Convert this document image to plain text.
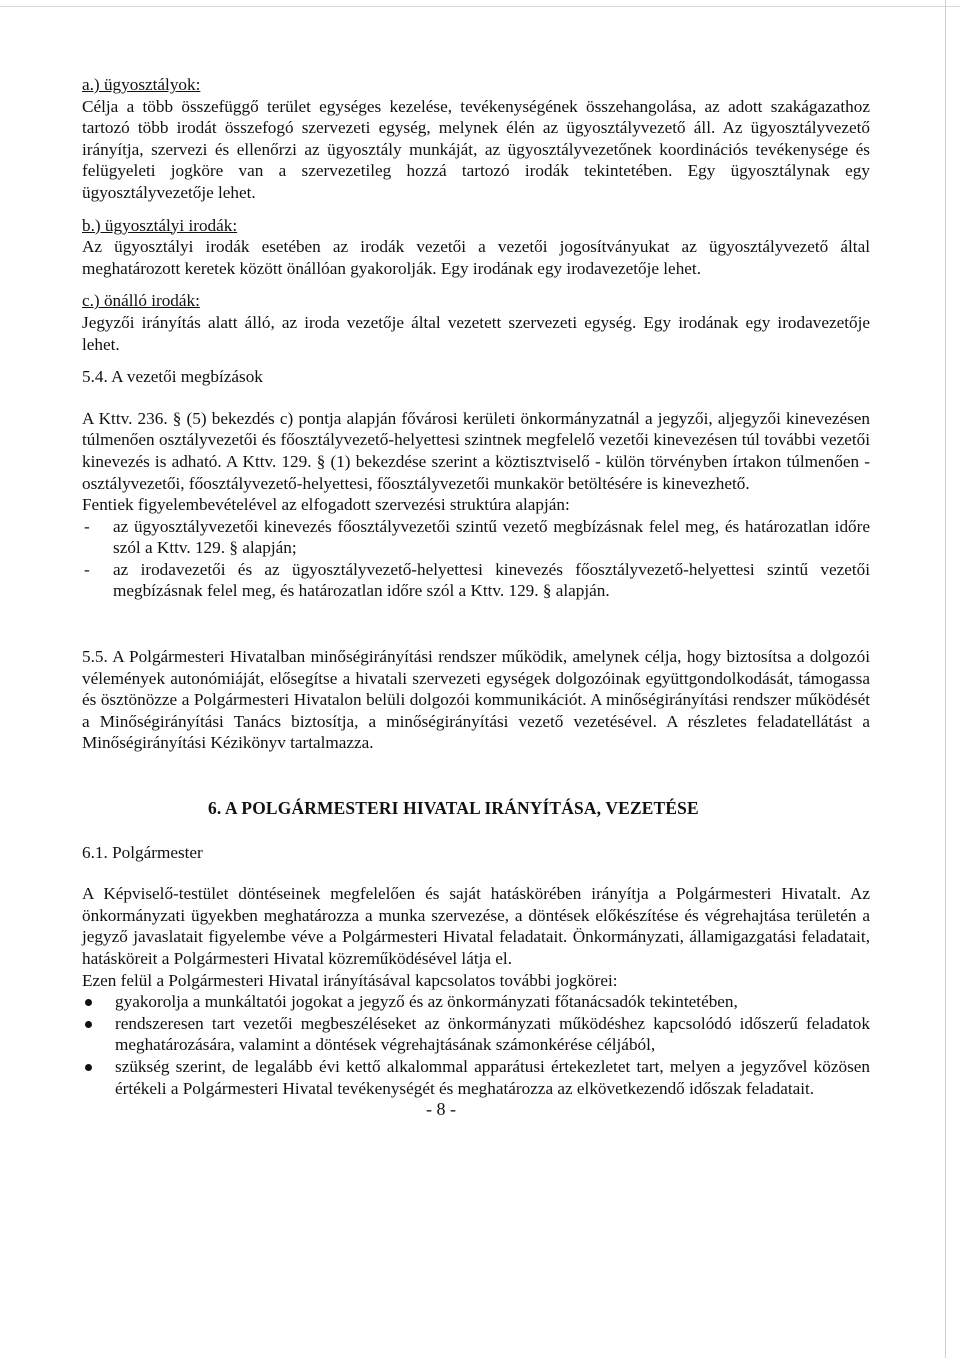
a.) ügyosztályok:

Célja a több összefüggő terület egységes kezelése, tevékenységének összehangolása, az adott szakágazathoz tartozó több irodát összefogó szervezeti egység, melynek élén az ügyosztályvezető áll. Az ügyosztályvezető irányítja, szervezi és ellenőrzi az ügyosztály munkáját, az ügyosztályvezetőnek koordinációs tevékenysége és felügyeleti jogköre van a szervezetileg hozzá tartozó irodák tekintetében. Egy ügyosztálynak egy ügyosztályvezetője lehet.

b.) ügyosztályi irodák:

Az ügyosztályi irodák esetében az irodák vezetői a vezetői jogosítványukat az ügyosztályvezető által meghatározott keretek között önállóan gyakorolják. Egy irodának egy irodavezetője lehet.

c.) önálló irodák:

Jegyzői irányítás alatt álló, az iroda vezetője által vezetett szervezeti egység. Egy irodának egy irodavezetője lehet.

5.4. A vezetői megbízások

A Kttv. 236. § (5) bekezdés c) pontja alapján fővárosi kerületi önkormányzatnál a jegyzői, aljegyzői kinevezésen túlmenően osztályvezetői és főosztályvezető-helyettesi szintnek megfelelő vezetői kinevezésen túl további vezetői kinevezés is adható. A Kttv. 129. § (1) bekezdése szerint a köztisztviselő - külön törvényben írtakon túlmenően - osztályvezetői, főosztályvezető-helyettesi, főosztályvezetői munkakör betöltésére is kinevezhető.

Fentiek figyelembevételével az elfogadott szervezési struktúra alapján:

- az ügyosztályvezetői kinevezés főosztályvezetői szintű vezető megbízásnak felel meg, és határozatlan időre szól a Kttv. 129. § alapján;
- az irodavezetői és az ügyosztályvezető-helyettesi kinevezés főosztályvezető-helyettesi szintű vezetői megbízásnak felel meg, és határozatlan időre szól a Kttv. 129. § alapján.

5.5. A Polgármesteri Hivatalban minőségirányítási rendszer működik, amelynek célja, hogy biztosítsa a dolgozói vélemények autonómiáját, elősegítse a hivatali szervezeti egységek dolgozóinak együttgondolkodását, támogassa és ösztönözze a Polgármesteri Hivatalon belüli dolgozói kommunikációt. A minőségirányítási rendszer működését a Minőségirányítási Tanács biztosítja, a minőségirányítási vezető vezetésével. A részletes feladatellátást a Minőségirányítási Kézikönyv tartalmazza.

6. A POLGÁRMESTERI HIVATAL IRÁNYÍTÁSA, VEZETÉSE

6.1. Polgármester

A Képviselő-testület döntéseinek megfelelően és saját hatáskörében irányítja a Polgármesteri Hivatalt. Az önkormányzati ügyekben meghatározza a munka szervezése, a döntések előkészítése és végrehajtása területén a jegyző javaslatait figyelembe véve a Polgármesteri Hivatal feladatait. Önkormányzati, államigazgatási feladatait, hatásköreit a Polgármesteri Hivatal közreműködésével látja el.

Ezen felül a Polgármesteri Hivatal irányításával kapcsolatos további jogkörei:

gyakorolja a munkáltatói jogokat a jegyző és az önkormányzati főtanácsadók tekintetében,
rendszeresen tart vezetői megbeszéléseket az önkormányzati működéshez kapcsolódó időszerű feladatok meghatározására, valamint a döntések végrehajtásának számonkérése céljából,
szükség szerint, de legalább évi kettő alkalommal apparátusi értekezletet tart, melyen a jegyzővel közösen értékeli a Polgármesteri Hivatal tevékenységét és meghatározza az elkövetkezendő időszak feladatait.

- 8 -
